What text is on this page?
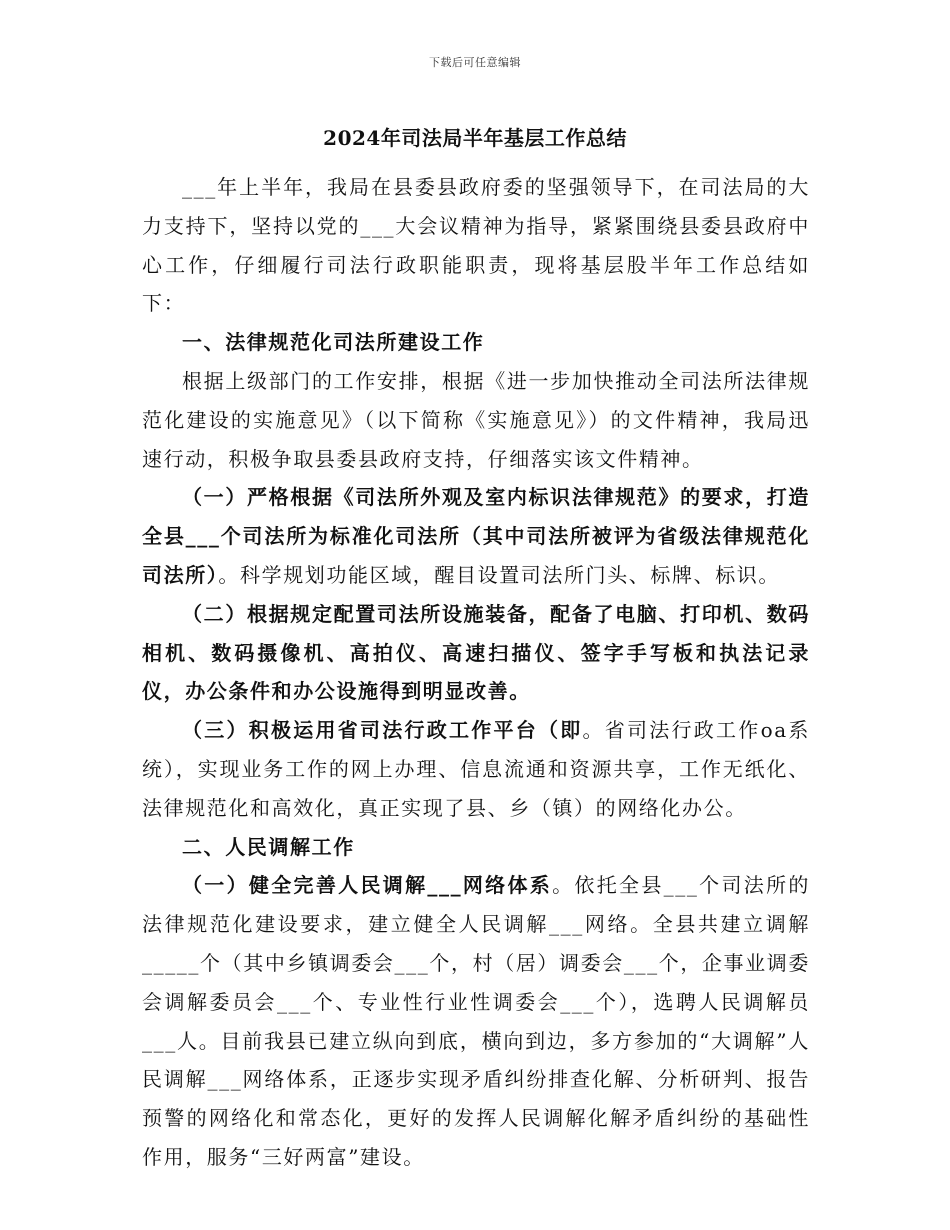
下载后可任意编辑
2024年司法局半年基层工作总结

___年上半年，我局在县委县政府委的坚强领导下，在司法局的大力支持下，坚持以党的___大会议精神为指导，紧紧围绕县委县政府中心工作，仔细履行司法行政职能职责，现将基层股半年工作总结如下：

一、法律规范化司法所建设工作

根据上级部门的工作安排，根据《进一步加快推动全司法所法律规范化建设的实施意见》（以下简称《实施意见》）的文件精神，我局迅速行动，积极争取县委县政府支持，仔细落实该文件精神。

（一）严格根据《司法所外观及室内标识法律规范》的要求，打造全县___个司法所为标准化司法所（其中司法所被评为省级法律规范化司法所）。科学规划功能区域，醒目设置司法所门头、标牌、标识。

（二）根据规定配置司法所设施装备，配备了电脑、打印机、数码相机、数码摄像机、高拍仪、高速扫描仪、签字手写板和执法记录仪，办公条件和办公设施得到明显改善。

（三）积极运用省司法行政工作平台（即。省司法行政工作oa系统），实现业务工作的网上办理、信息流通和资源共享，工作无纸化、法律规范化和高效化，真正实现了县、乡（镇）的网络化办公。

二、人民调解工作

（一）健全完善人民调解___网络体系。依托全县___个司法所的法律规范化建设要求，建立健全人民调解___网络。全县共建立调解_____个（其中乡镇调委会___个，村（居）调委会___个，企事业调委会调解委员会___个、专业性行业性调委会___个），选聘人民调解员___人。目前我县已建立纵向到底，横向到边，多方参加的“大调解”人民调解___网络体系，正逐步实现矛盾纠纷排查化解、分析研判、报告预警的网络化和常态化，更好的发挥人民调解化解矛盾纠纷的基础性作用，服务“三好两富”建设。
